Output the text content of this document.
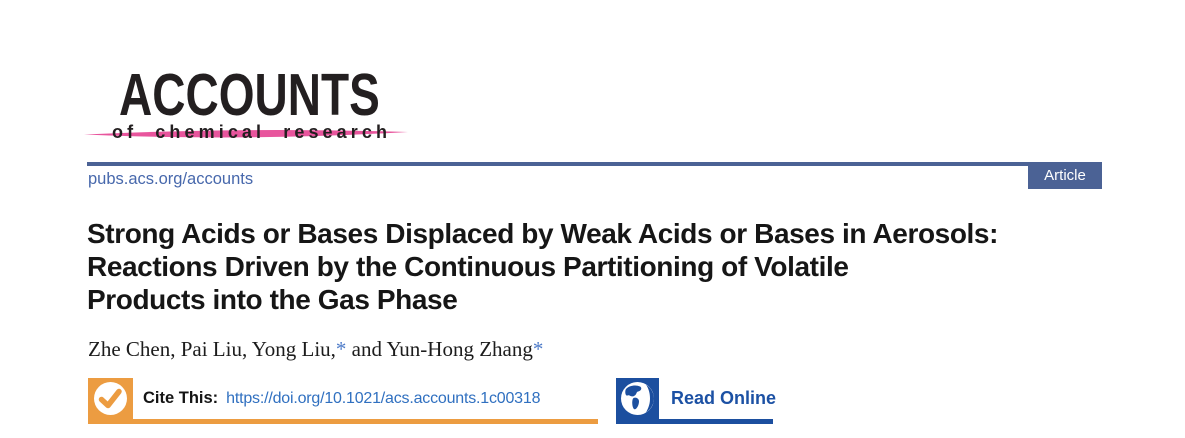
ACCOUNTS
of chemical research
pubs.acs.org/accounts	Article
Strong Acids or Bases Displaced by Weak Acids or Bases in Aerosols:
Reactions Driven by the Continuous Partitioning of Volatile
Products into the Gas Phase
Zhe Chen, Pai Liu, Yong Liu,* and Yun-Hong Zhang*
Cite This: https://doi.org/10.1021/acs.accounts.1c00318	Read Online
